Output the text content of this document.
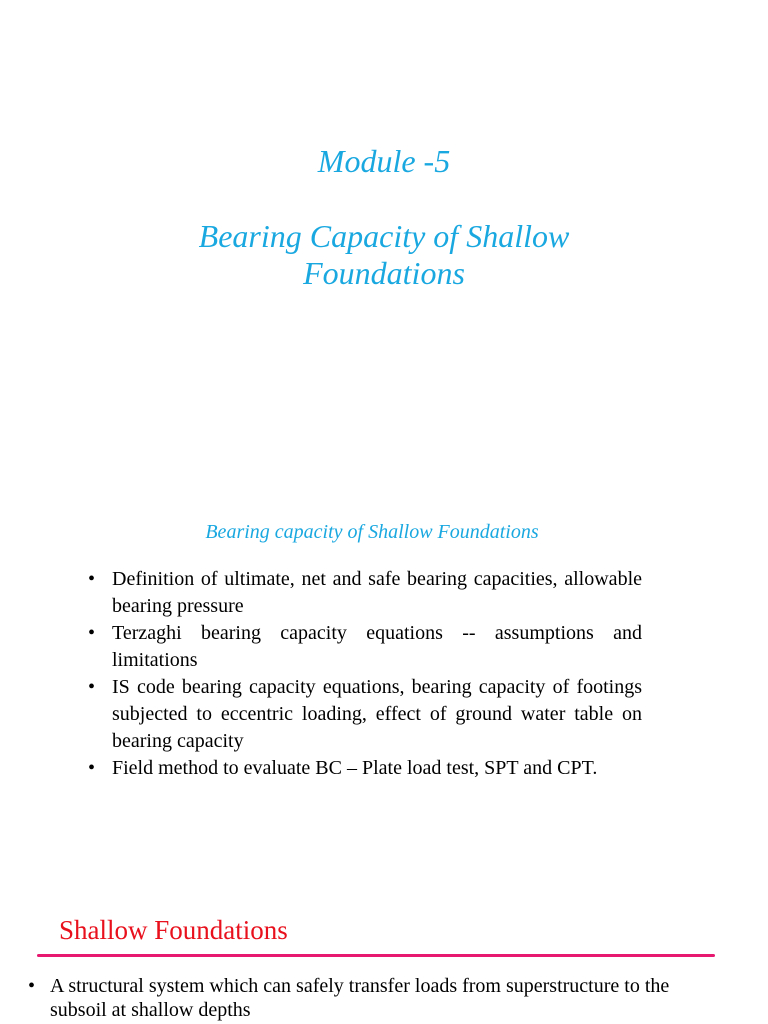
Module -5
Bearing Capacity of Shallow Foundations
Bearing capacity of Shallow Foundations
• Definition of ultimate, net and safe bearing capacities, allowable bearing pressure
• Terzaghi bearing capacity equations -- assumptions and limitations
• IS code bearing capacity equations, bearing capacity of footings subjected to eccentric loading, effect of ground water table on bearing capacity
• Field method to evaluate BC – Plate load test, SPT and CPT.
Shallow Foundations
• A structural system which can safely transfer loads from superstructure to the subsoil at shallow depths
